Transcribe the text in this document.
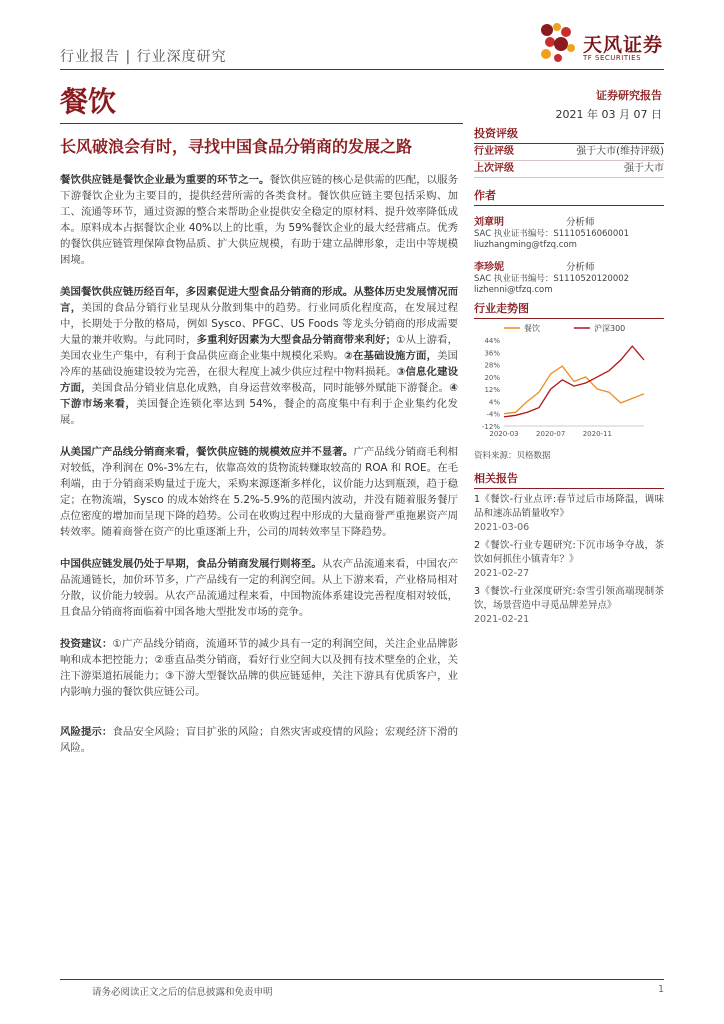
行业报告 | 行业深度研究
天风证券
TF SECURITIES
餐饮	证券研究报告
2021 年 03 月 07 日
长风破浪会有时，寻找中国食品分销商的发展之路

餐饮供应链是餐饮企业最为重要的环节之一。餐饮供应链的核心是供需的匹配，以服务下游餐饮企业为主要目的，提供经营所需的各类食材。餐饮供应链主要包括采购、加工、流通等环节，通过资源的整合来帮助企业提供安全稳定的原材料、提升效率降低成本。原料成本占据餐饮企业 40%以上的比重，为 59%餐饮企业的最大经营痛点。优秀的餐饮供应链管理保障食物品质、扩大供应规模，有助于建立品牌形象，走出中等规模困境。

美国餐饮供应链历经百年，多因素促进大型食品分销商的形成。从整体历史发展情况而言，美国的食品分销行业呈现从分散到集中的趋势。行业同质化程度高，在发展过程中，长期处于分散的格局，例如 Sysco、PFGC、US Foods 等龙头分销商的形成需要大量的兼并收购。与此同时，多重利好因素为大型食品分销商带来利好；①从上游看，美国农业生产集中，有利于食品供应商企业集中规模化采购。②在基础设施方面，美国冷库的基础设施建设较为完善，在很大程度上减少供应过程中物料损耗。③信息化建设方面，美国食品分销业信息化成熟，自身运营效率极高，同时能够外赋能下游餐企。④下游市场来看，美国餐企连锁化率达到 54%，餐企的高度集中有利于企业集约化发展。

从美国广产品线分销商来看，餐饮供应链的规模效应并不显著。广产品线分销商毛利相对较低，净利润在 0%-3%左右，依靠高效的货物流转赚取较高的 ROA 和 ROE。在毛利端，由于分销商采购量过于庞大，采购来源逐渐多样化，议价能力达到瓶颈，趋于稳定；在物流端，Sysco 的成本始终在 5.2%-5.9%的范围内波动，并没有随着服务餐厅点位密度的增加而呈现下降的趋势。公司在收购过程中形成的大量商誉严重拖累资产周转效率。随着商誉在资产的比重逐渐上升，公司的周转效率呈下降趋势。

中国供应链发展仍处于早期，食品分销商发展行则将至。从农产品流通来看，中国农产品流通链长，加价环节多，广产品线有一定的利润空间。从上下游来看，产业格局相对分散，议价能力较弱。从农产品流通过程来看，中国物流体系建设完善程度相对较低，且食品分销商将面临着中国各地大型批发市场的竞争。

投资建议：①广产品线分销商，流通环节的减少具有一定的利润空间，关注企业品牌影响和成本把控能力；②垂直品类分销商，看好行业空间大以及拥有技术壁垒的企业，关注下游渠道拓展能力；③下游大型餐饮品牌的供应链延伸，关注下游具有优质客户，业内影响力强的餐饮供应链公司。

风险提示：食品安全风险；盲目扩张的风险；自然灾害或疫情的风险；宏观经济下滑的风险。

投资评级
行业评级	强于大市(维持评级)
上次评级	强于大市
作者
刘章明	分析师
SAC 执业证书编号：S1110516060001
liuzhangming@tfzq.com
李珍妮	分析师
SAC 执业证书编号：S1110520120002
lizhenni@tfzq.com
行业走势图
餐饮	沪深300
-12%
-4%
4%
12%
20%
28%
36%
44%
2020-03 2020-07 2020-11
资料来源：贝格数据
相关报告
1《餐饮-行业点评:春节过后市场降温，调味品和速冻品销量收窄》
2021-03-06
2《餐饮-行业专题研究:下沉市场争夺战，茶饮如何抓住小镇青年？》
2021-02-27
3《餐饮-行业深度研究:奈雪引领高端现制茶饮，场景营造中寻觅品牌差异点》
2021-02-21
请务必阅读正文之后的信息披露和免责申明	1
